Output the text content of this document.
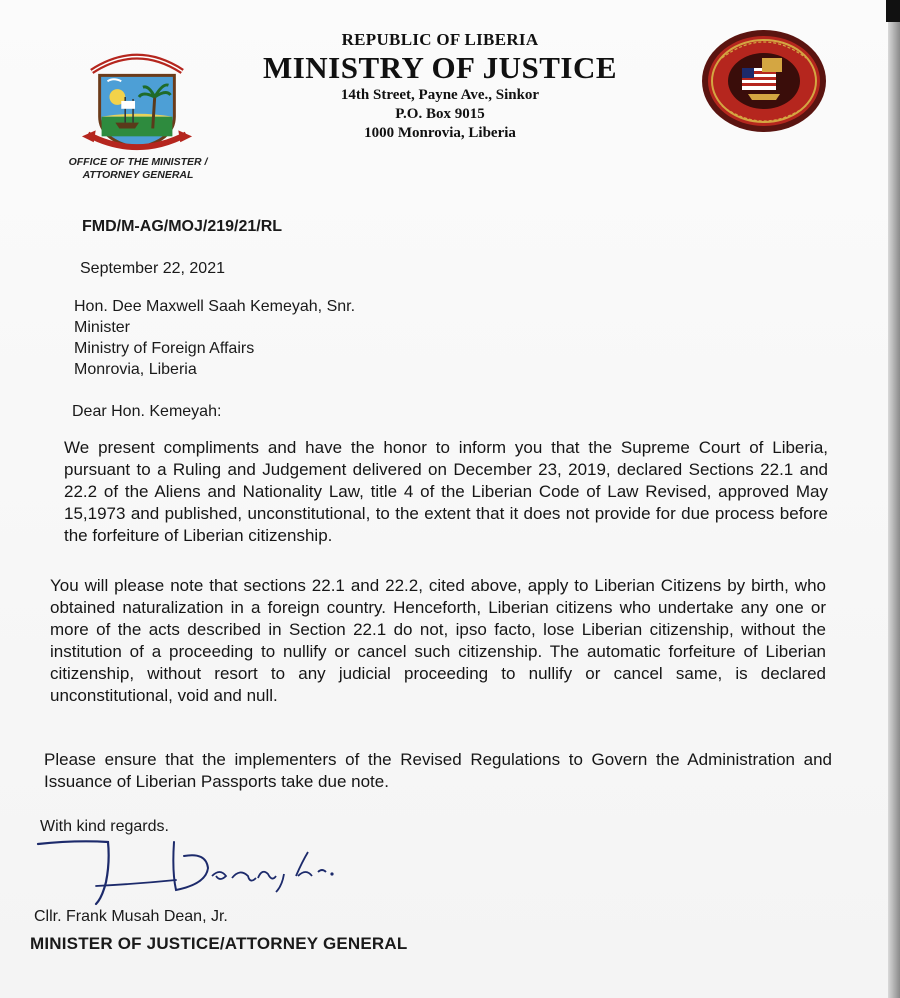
REPUBLIC OF LIBERIA
MINISTRY OF JUSTICE
14th Street, Payne Ave., Sinkor
P.O. Box 9015
1000 Monrovia, Liberia
OFFICE OF THE MINISTER /
ATTORNEY GENERAL
FMD/M-AG/MOJ/219/21/RL
September 22, 2021
Hon. Dee Maxwell Saah Kemeyah, Snr.
Minister
Ministry of Foreign Affairs
Monrovia, Liberia
Dear Hon. Kemeyah:
We present compliments and have the honor to inform you that the Supreme Court of Liberia, pursuant to a Ruling and Judgement delivered on December 23, 2019, declared Sections 22.1 and 22.2 of the Aliens and Nationality Law, title 4 of the Liberian Code of Law Revised, approved May 15,1973 and published, unconstitutional, to the extent that it does not provide for due process before the forfeiture of Liberian citizenship.
You will please note that sections 22.1 and 22.2, cited above, apply to Liberian Citizens by birth, who obtained naturalization in a foreign country. Henceforth, Liberian citizens who undertake any one or more of the acts described in Section 22.1 do not, ipso facto, lose Liberian citizenship, without the institution of a proceeding to nullify or cancel such citizenship. The automatic forfeiture of Liberian citizenship, without resort to any judicial proceeding to nullify or cancel same, is declared unconstitutional, void and null.
Please ensure that the implementers of the Revised Regulations to Govern the Administration and Issuance of Liberian Passports take due note.
With kind regards.
Cllr. Frank Musah Dean, Jr.
MINISTER OF JUSTICE/ATTORNEY GENERAL
